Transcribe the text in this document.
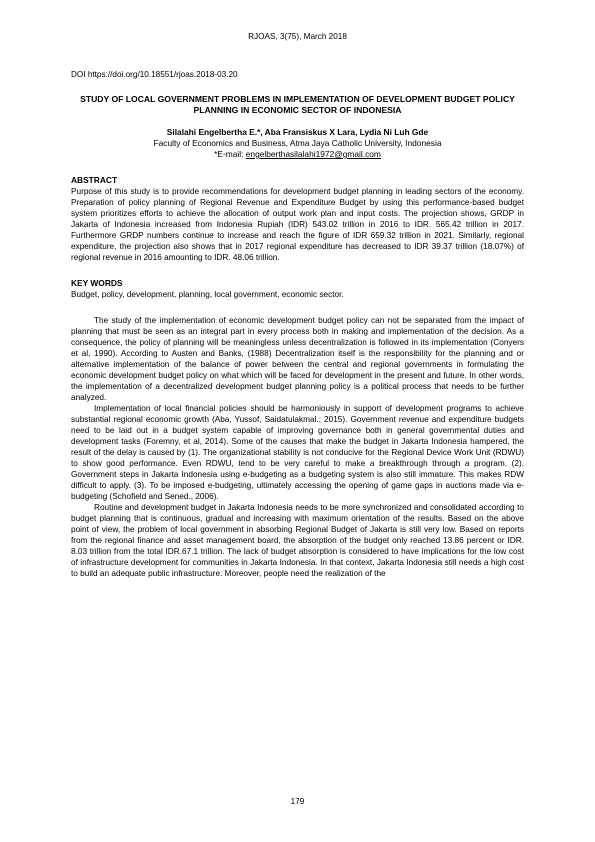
RJOAS, 3(75), March 2018

DOI https://doi.org/10.18551/rjoas.2018-03.20

STUDY OF LOCAL GOVERNMENT PROBLEMS IN IMPLEMENTATION OF DEVELOPMENT BUDGET POLICY PLANNING IN ECONOMIC SECTOR OF INDONESIA

Silalahi Engelbertha E.*, Aba Fransiskus X Lara, Lydia Ni Luh Gde

Faculty of Economics and Business, Atma Jaya Catholic University, Indonesia

*E-mail: engelberthasilalahi1972@gmail.com

ABSTRACT

Purpose of this study is to provide recommendations for development budget planning in leading sectors of the economy. Preparation of policy planning of Regional Revenue and Expenditure Budget by using this performance-based budget system prioritizes efforts to achieve the allocation of output work plan and input costs. The projection shows, GRDP in Jakarta of Indonesia increased from Indonesia Rupiah (IDR) 543.02 trillion in 2016 to IDR. 565.42 trillion in 2017. Furthermore GRDP numbers continue to increase and reach the figure of IDR 659.32 trillion in 2021. Similarly, regional expenditure, the projection also shows that in 2017 regional expenditure has decreased to IDR 39.37 trillion (18.07%) of regional revenue in 2016 amounting to IDR. 48.06 trillion.

KEY WORDS

Budget, policy, development, planning, local government, economic sector.

The study of the implementation of economic development budget policy can not be separated from the impact of planning that must be seen as an integral part in every process both in making and implementation of the decision. As a consequence, the policy of planning will be meaningless unless decentralization is followed in its implementation (Conyers et al, 1990). According to Austen and Banks, (1988) Decentralization itself is the responsibility for the planning and or alternative implementation of the balance of power between the central and regional governments in formulating the economic development budget policy on what which will be faced for development in the present and future. In other words, the implementation of a decentralized development budget planning policy is a political process that needs to be further analyzed.

Implementation of local financial policies should be harmoniously in support of development programs to achieve substantial regional economic growth (Aba, Yussof, Saidatulakmal.; 2015). Government revenue and expenditure budgets need to be laid out in a budget system capable of improving governance both in general governmental duties and development tasks (Foremny, et al, 2014). Some of the causes that make the budget in Jakarta Indonesia hampered, the result of the delay is caused by (1). The organizational stability is not conducive for the Regional Device Work Unit (RDWU) to show good performance. Even RDWU, tend to be very careful to make a breakthrough through a program. (2). Government steps in Jakarta Indonesia using e-budgeting as a budgeting system is also still immature. This makes RDW difficult to apply. (3). To be imposed e-budgeting, ultimately accessing the opening of game gaps in auctions made via e-budgeting (Schofield and Sened., 2006).

Routine and development budget in Jakarta Indonesia needs to be more synchronized and consolidated according to budget planning that is continuous, gradual and increasing with maximum orientation of the results. Based on the above point of view, the problem of local government in absorbing Regional Budget of Jakarta is still very low. Based on reports from the regional finance and asset management board, the absorption of the budget only reached 13.86 percent or IDR. 8.03 trillion from the total IDR.67.1 trillion. The lack of budget absorption is considered to have implications for the low cost of infrastructure development for communities in Jakarta Indonesia. In that context, Jakarta Indonesia still needs a high cost to build an adequate public infrastructure. Moreover, people need the realization of the

179
